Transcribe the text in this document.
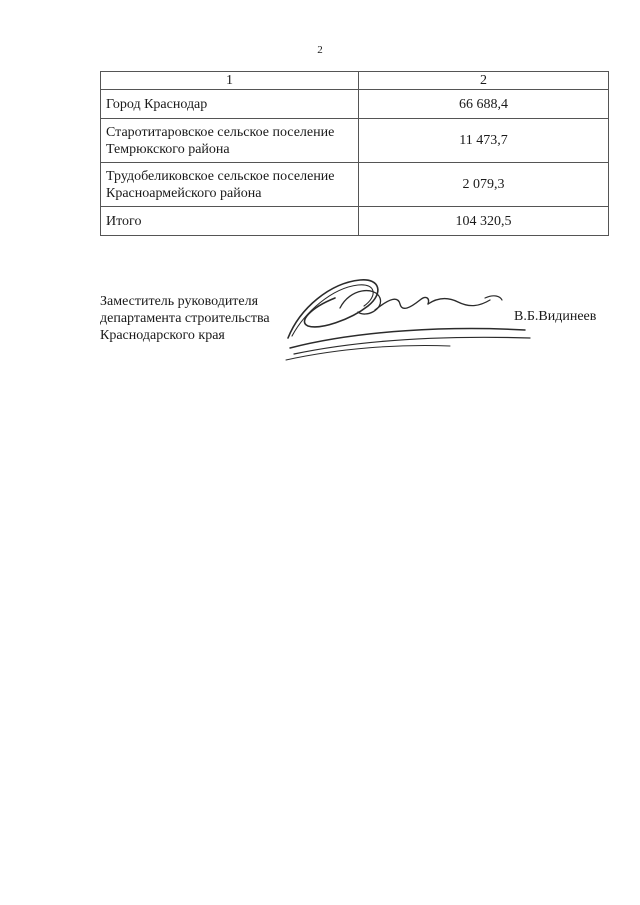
2
1	2
Город Краснодар	66 688,4
Старотитаровское сельское поселение Темрюкского района	11 473,7
Трудобеликовское сельское поселение Красноармейского района	2 079,3
Итого	104 320,5
Заместитель руководителя
департамента строительства
Краснодарского края
В.Б.Видинеев
